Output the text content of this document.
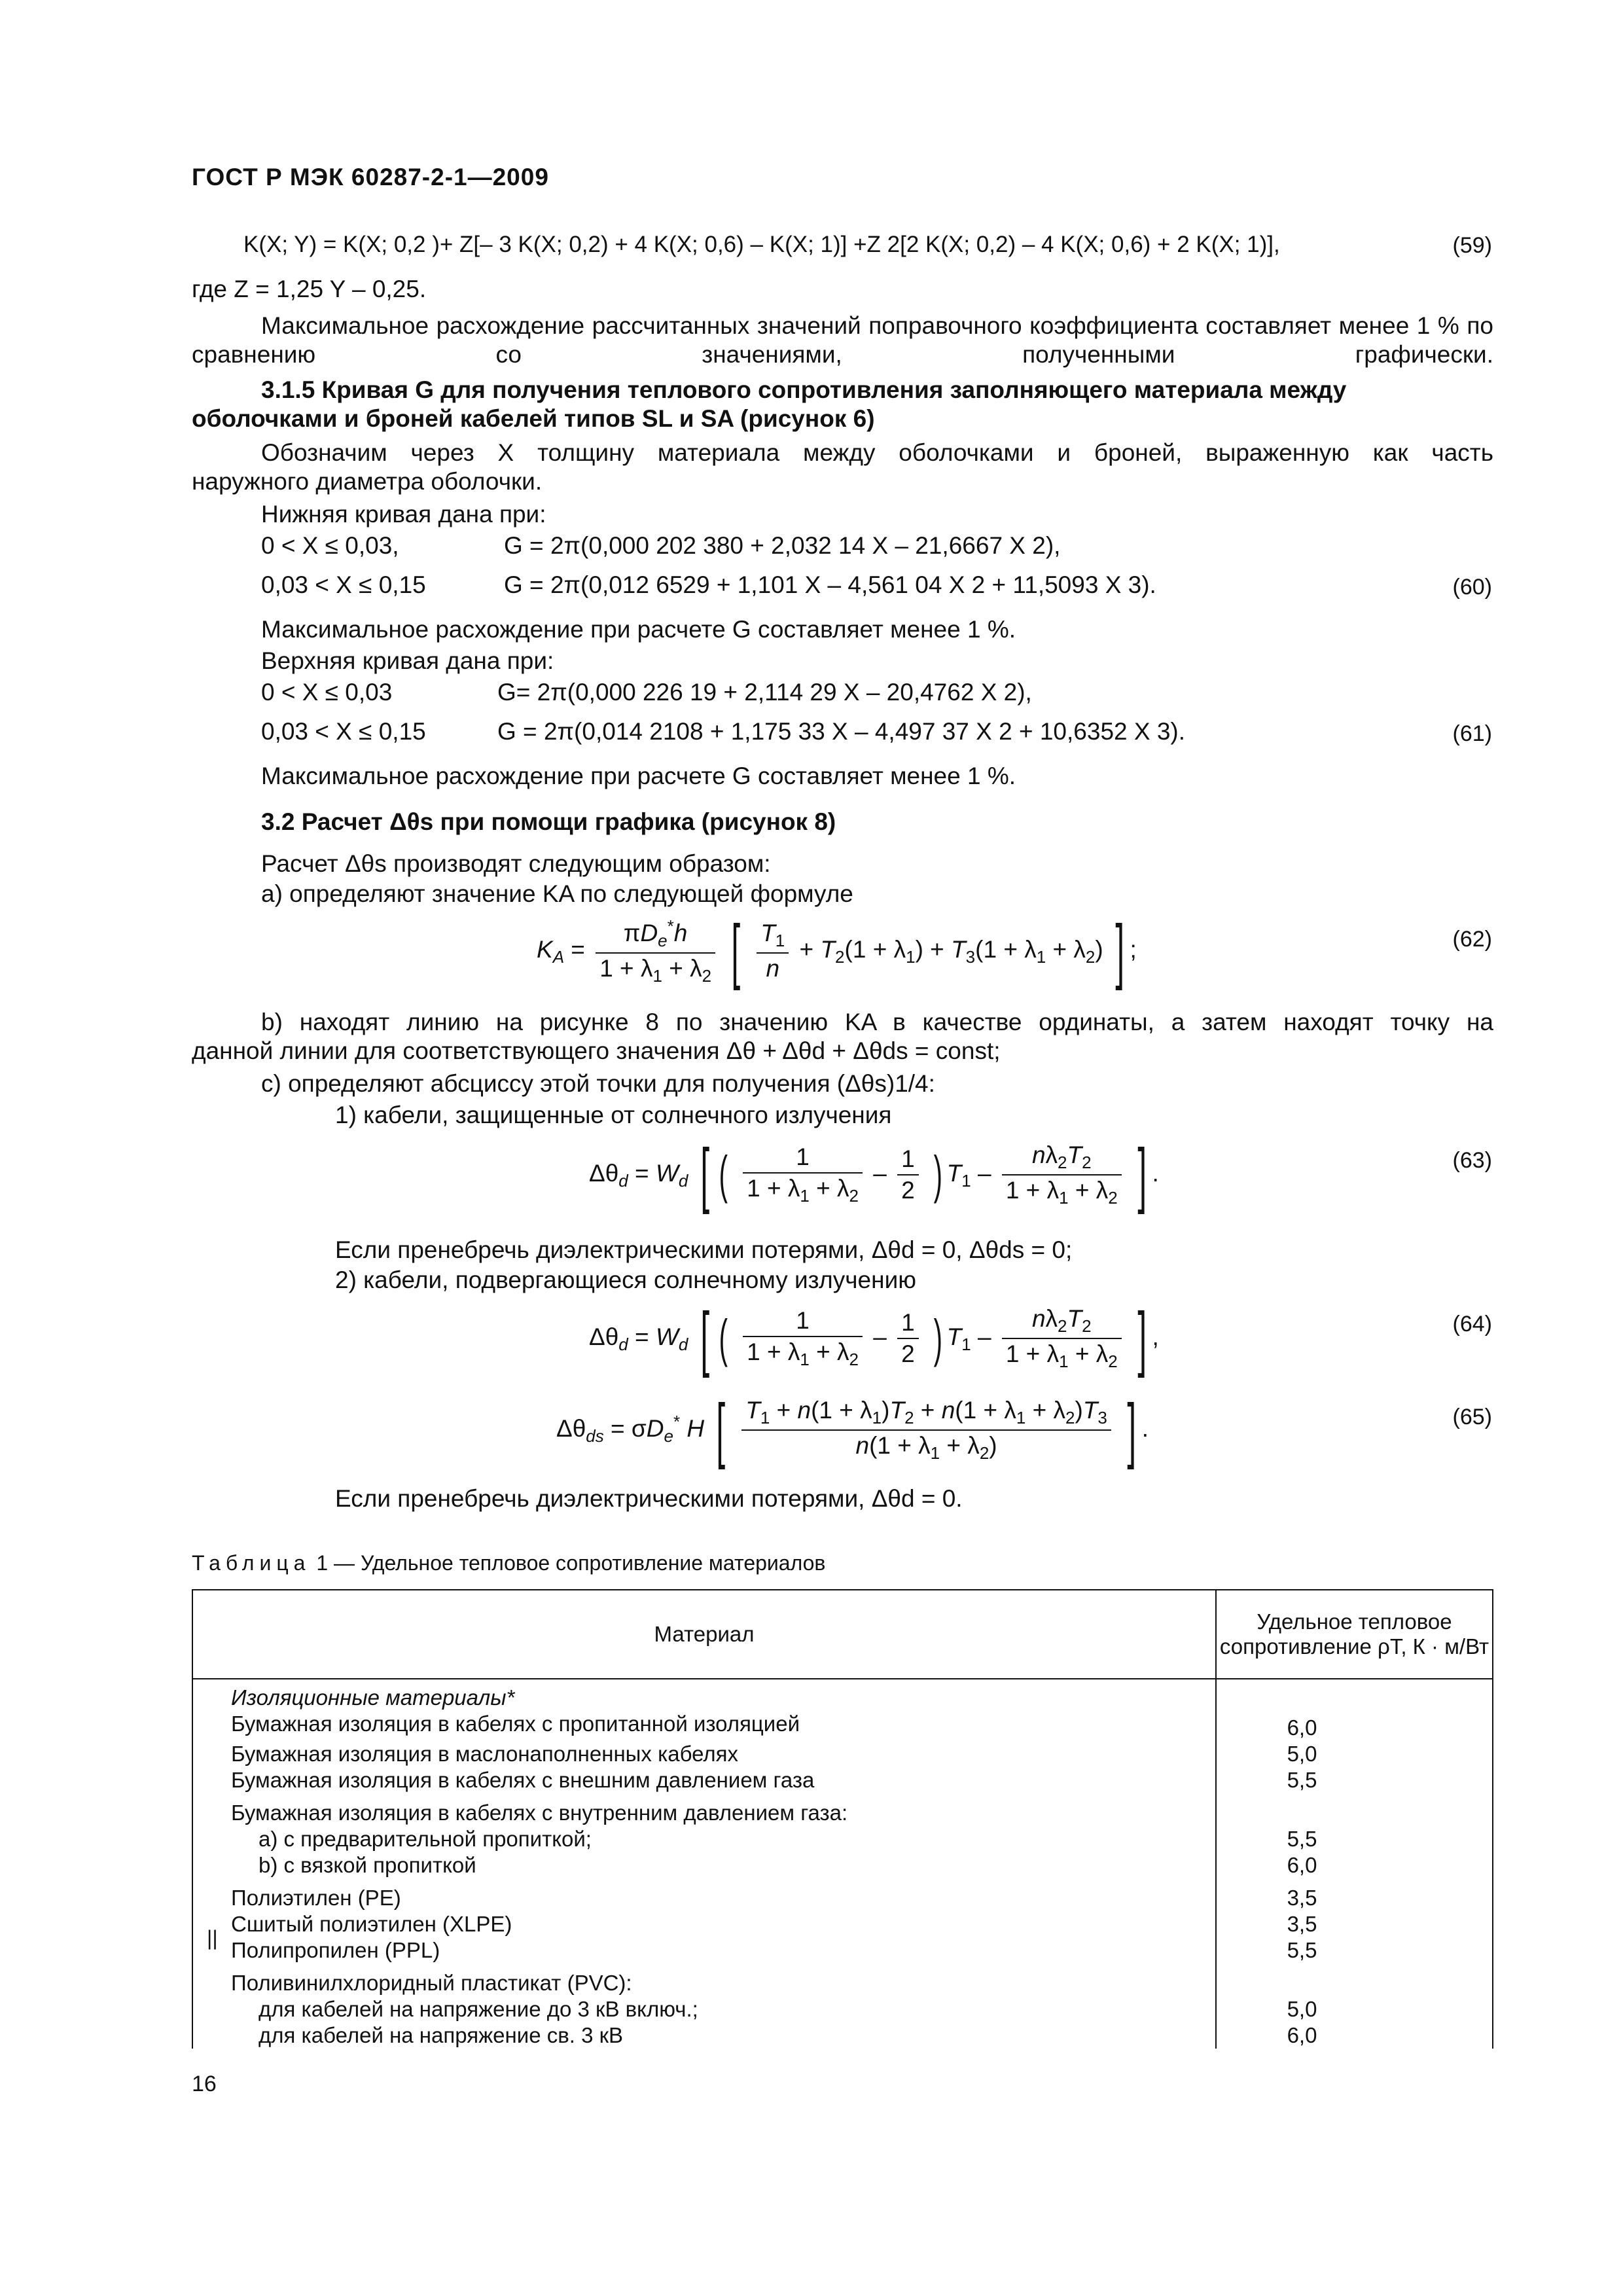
ГОСТ Р МЭК 60287-2-1—2009
K(X; Y) = K(X; 0,2 )+ Z[– 3 K(X; 0,2) + 4 K(X; 0,6) – K(X; 1)] +Z 2[2 K(X; 0,2) – 4 K(X; 0,6) + 2 K(X; 1)],	(59)
где Z = 1,25 Y – 0,25.
Максимальное расхождение рассчитанных значений поправочного коэффициента составляет менее 1 % по сравнению со значениями, полученными графически.
3.1.5 Кривая G для получения теплового сопротивления заполняющего материала между
оболочками и броней кабелей типов SL и SA (рисунок 6)
Обозначим через X толщину материала между оболочками и броней, выраженную как часть
наружного диаметра оболочки.
Нижняя кривая дана при:
0 < X ≤ 0,03,	G = 2π(0,000 202 380 + 2,032 14 X – 21,6667 X 2),
0,03 < X ≤ 0,15	G = 2π(0,012 6529 + 1,101 X – 4,561 04 X 2 + 11,5093 X 3).	(60)
Максимальное расхождение при расчете G составляет менее 1 %.
Верхняя кривая дана при:
0 < X ≤ 0,03	G= 2π(0,000 226 19 + 2,114 29 X – 20,4762 X 2),
0,03 < X ≤ 0,15	G = 2π(0,014 2108 + 1,175 33 X – 4,497 37 X 2 + 10,6352 X 3).	(61)
Максимальное расхождение при расчете G составляет менее 1 %.
3.2 Расчет Δθs при помощи графика (рисунок 8)
Расчет Δθs производят следующим образом:
a) определяют значение KA по следующей формуле
$K_A = \frac{\pi D_e^*h}{1 + \lambda_1 + \lambda_2}$ [ $\frac{T_1}{n} + T_2(1 + \lambda_1) + T_3(1 + \lambda_1 + \lambda_2)$ ] ;	(62)
b) находят линию на рисунке 8 по значению KA в качестве ординаты, а затем находят точку на
данной линии для соответствующего значения Δθ + Δθd + Δθds = const;
c) определяют абсциссу этой точки для получения (Δθs)1/4:
1) кабели, защищенные от солнечного излучения
$\Delta\theta_d = W_d$ [ ( $\frac{1}{1 + \lambda_1 + \lambda_2} - \frac{1}{2}$ ) $T_1 - \frac{n\lambda_2T_2}{1 + \lambda_1 + \lambda_2}$ ] .	(63)
Если пренебречь диэлектрическими потерями, Δθd = 0, Δθds = 0;
2) кабели, подвергающиеся солнечному излучению
$\Delta\theta_d = W_d$ [ ( $\frac{1}{1 + \lambda_1 + \lambda_2} - \frac{1}{2}$ ) $T_1 - \frac{n\lambda_2T_2}{1 + \lambda_1 + \lambda_2}$ ] ,	(64)
$\Delta\theta_{ds} = \sigma D_e^*$ H [ $\frac{T_1 + n(1 + \lambda_1)T_2 + n(1 + \lambda_1 + \lambda_2)T_3}{n(1 + \lambda_1 + \lambda_2)}$ ] .	(65)
Если пренебречь диэлектрическими потерями, Δθd = 0.
Таблица 1 — Удельное тепловое сопротивление материалов
Материал	Удельное тепловое
сопротивление ρT, К · м/Вт
Изоляционные материалы*	
Бумажная изоляция в кабелях с пропитанной изоляцией	6,0
Бумажная изоляция в маслонаполненных кабелях	5,0
Бумажная изоляция в кабелях с внешним давлением газа	5,5

Бумажная изоляция в кабелях с внутренним давлением газа:	
a) с предварительной пропиткой;	5,5
b) с вязкой пропиткой	6,0

Полиэтилен (PE)	3,5
Сшитый полиэтилен (XLPE)	3,5
Полипропилен (PPL)	5,5

Поливинилхлоридный пластикат (PVC):	
для кабелей на напряжение до 3 кВ включ.;	5,0
для кабелей на напряжение св. 3 кВ	6,0
||
16
